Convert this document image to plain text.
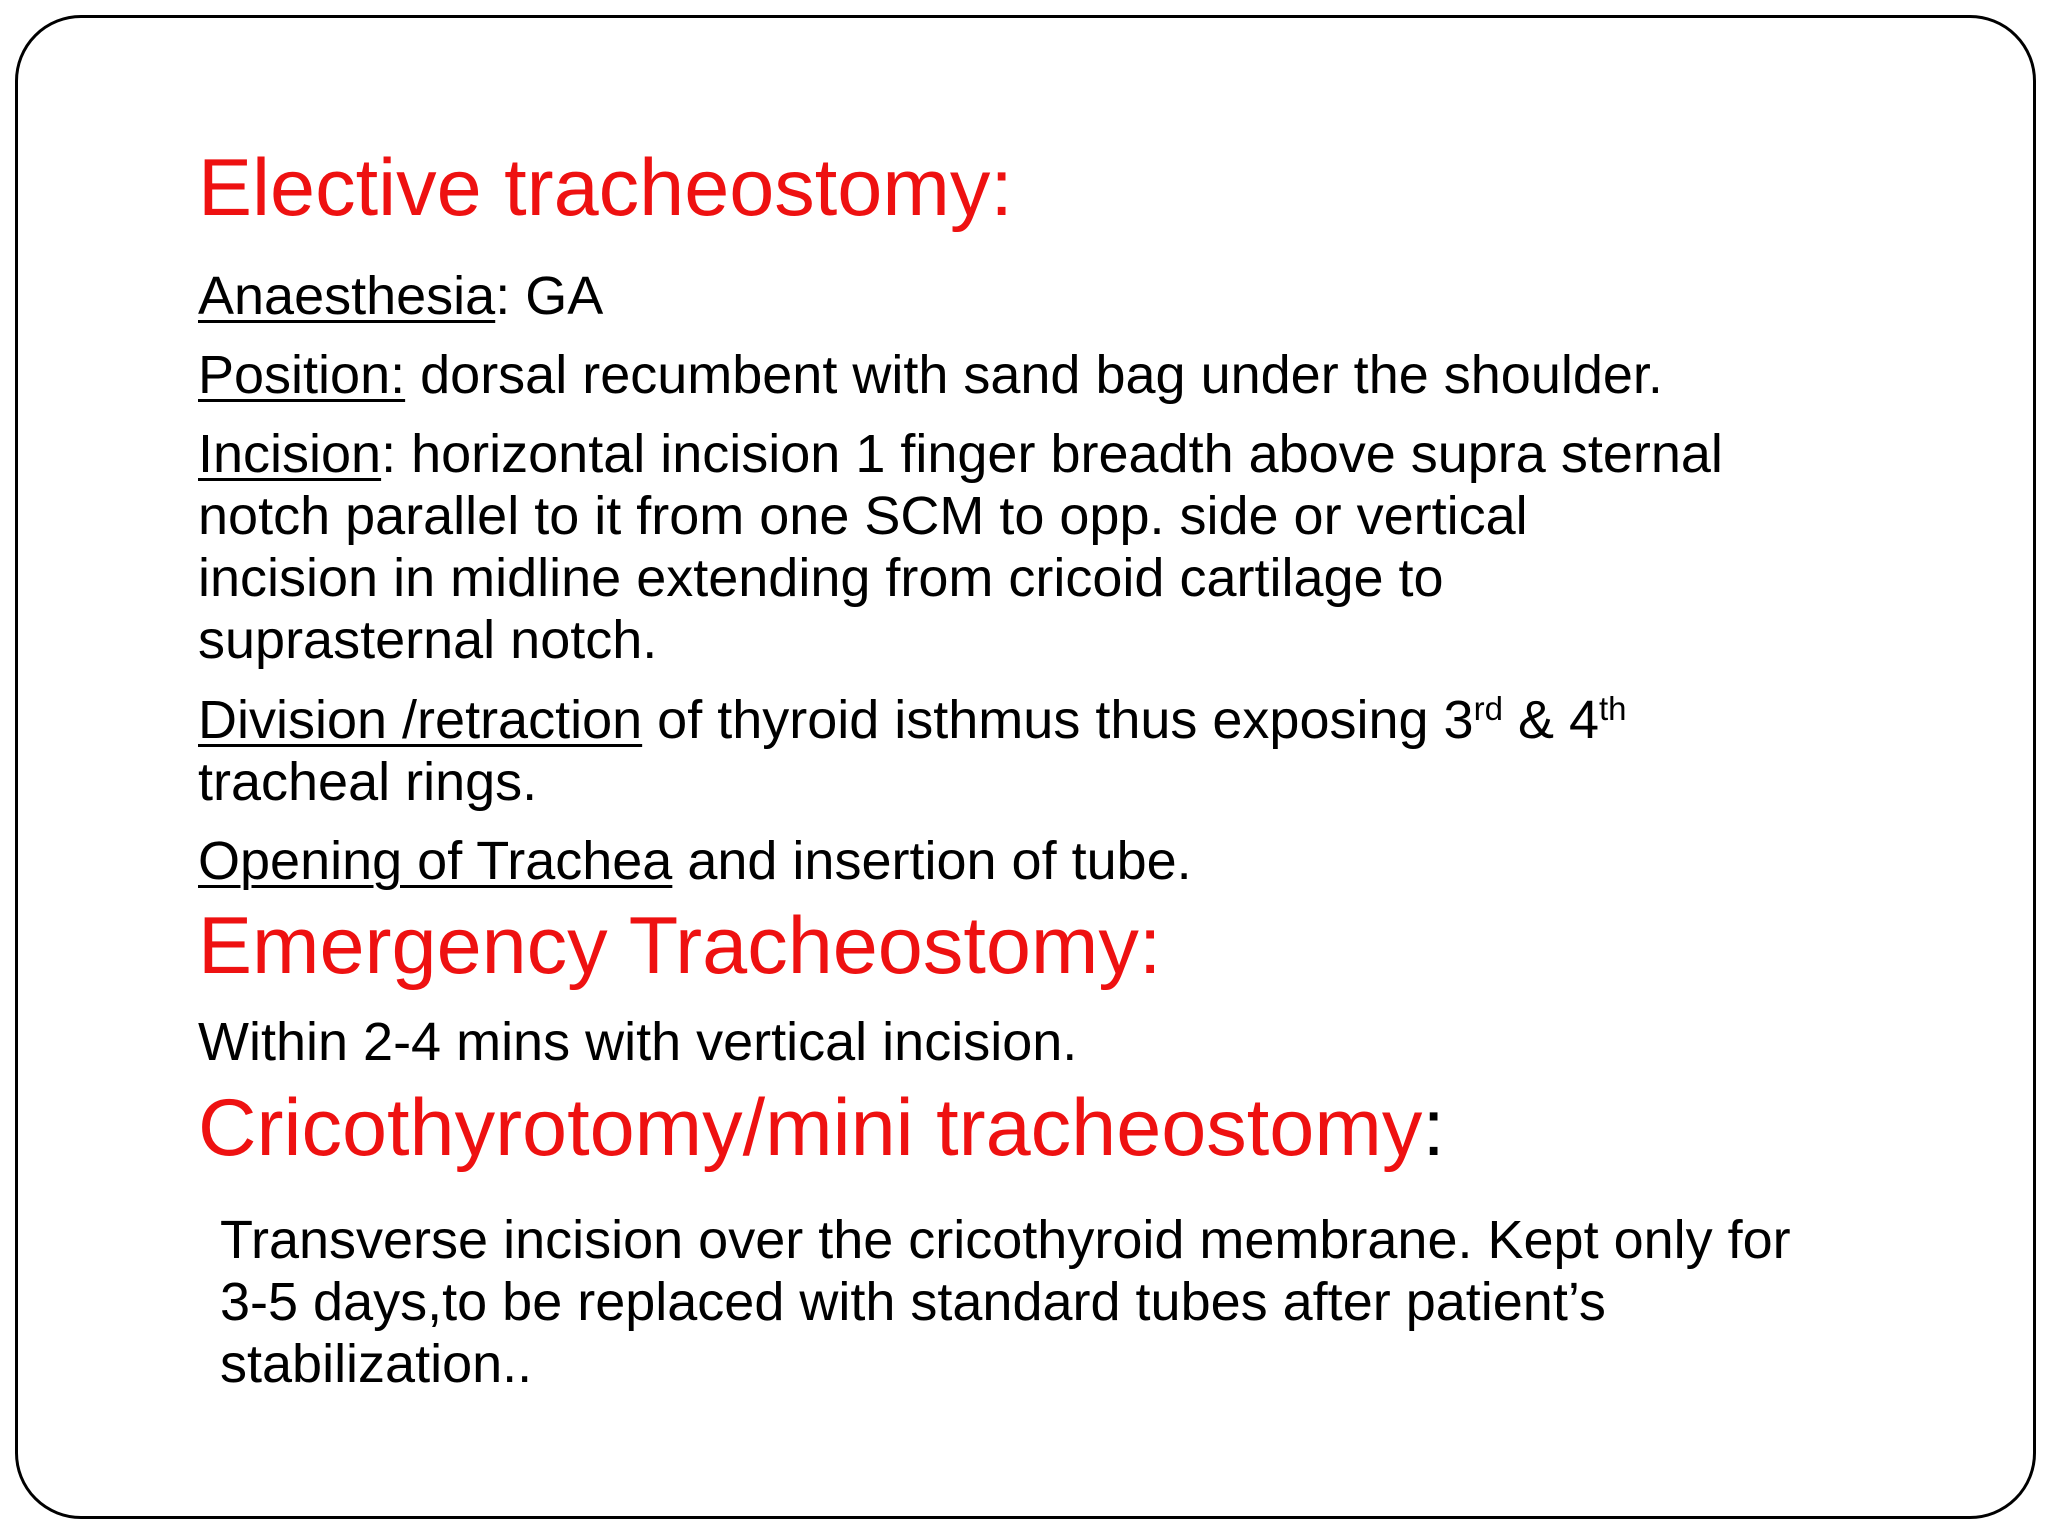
Elective tracheostomy:
Anaesthesia: GA
Position: dorsal recumbent with sand bag under the shoulder.
Incision: horizontal incision 1 finger breadth above supra sternal
notch parallel to it from one SCM to opp. side or vertical
incision in midline extending from cricoid cartilage to
suprasternal notch.
Division /retraction of thyroid isthmus thus exposing 3rd & 4th
tracheal rings.
Opening of Trachea and insertion of tube.
Emergency Tracheostomy:
Within 2-4 mins with vertical incision.
Cricothyrotomy/mini tracheostomy:
Transverse incision over the cricothyroid membrane. Kept only for
3-5 days,to be replaced with standard tubes after patient’s
stabilization..
